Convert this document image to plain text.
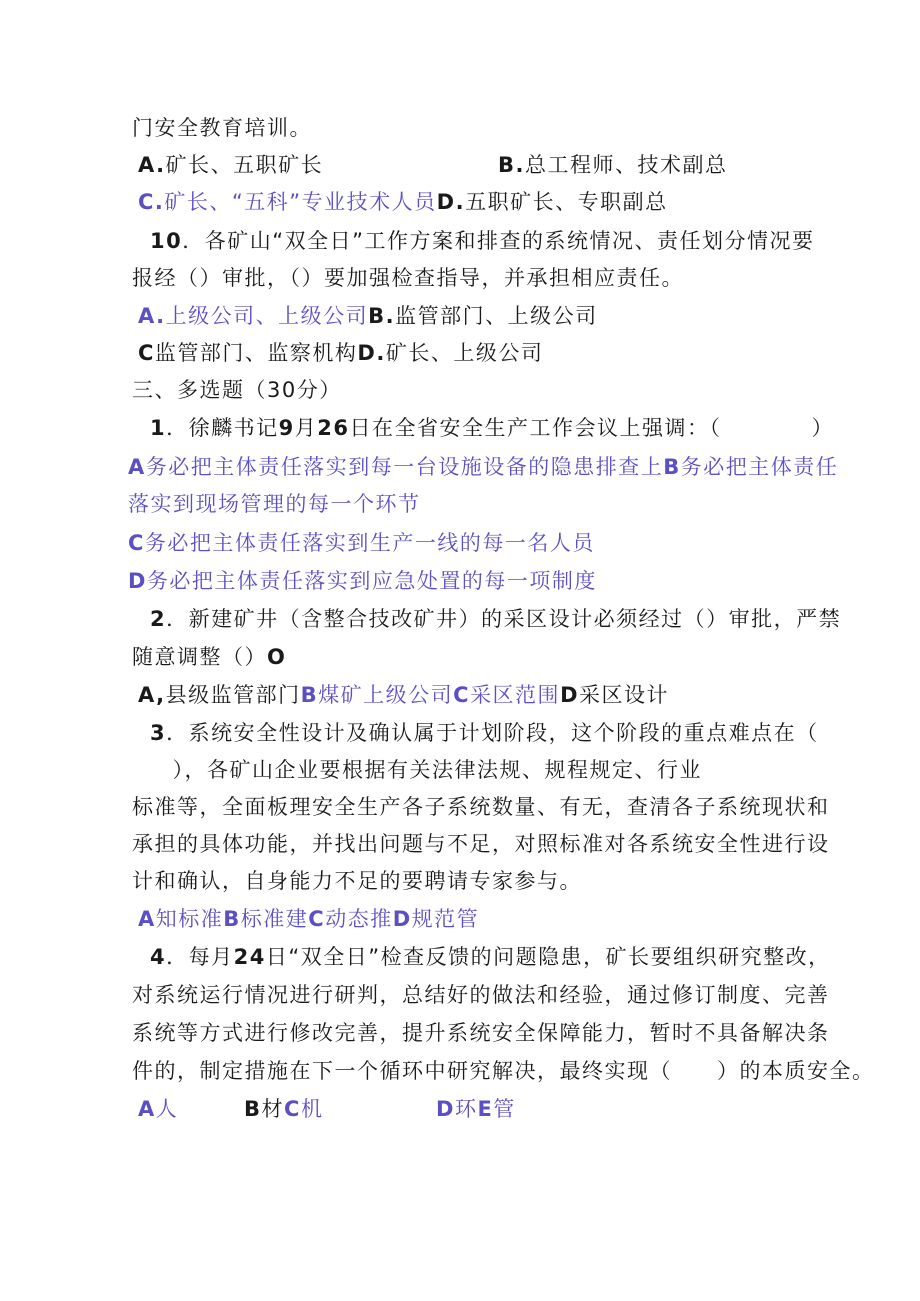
门安全教育培训。
A.矿长、五职矿长	B.总工程师、技术副总
C.矿长、“五科”专业技术人员D.五职矿长、专职副总
10．各矿山“双全日”工作方案和排查的系统情况、责任划分情况要
报经（）审批，（）要加强检查指导，并承担相应责任。
A.上级公司、上级公司B.监管部门、上级公司
C监管部门、监察机构D.矿长、上级公司
三、多选题（30分）
1．徐麟书记9月26日在全省安全生产工作会议上强调：（　　　　）
A务必把主体责任落实到每一台设施设备的隐患排查上B务必把主体责任
落实到现场管理的每一个环节
C务必把主体责任落实到生产一线的每一名人员
D务必把主体责任落实到应急处置的每一项制度
2．新建矿井（含整合技改矿井）的采区设计必须经过（）审批，严禁
随意调整（）O
A,县级监管部门B煤矿上级公司C采区范围D采区设计
3．系统安全性设计及确认属于计划阶段，这个阶段的重点难点在（
　），各矿山企业要根据有关法律法规、规程规定、行业
标准等，全面板理安全生产各子系统数量、有无，查清各子系统现状和
承担的具体功能，并找出问题与不足，对照标准对各系统安全性进行设
计和确认，自身能力不足的要聘请专家参与。
A知标准B标准建C动态推D规范管
4．每月24日“双全日”检查反馈的问题隐患，矿长要组织研究整改，
对系统运行情况进行研判，总结好的做法和经验，通过修订制度、完善
系统等方式进行修改完善，提升系统安全保障能力，暂时不具备解决条
件的，制定措施在下一个循环中研究解决，最终实现（　　）的本质安全。
A人	B材C机	D环E管
